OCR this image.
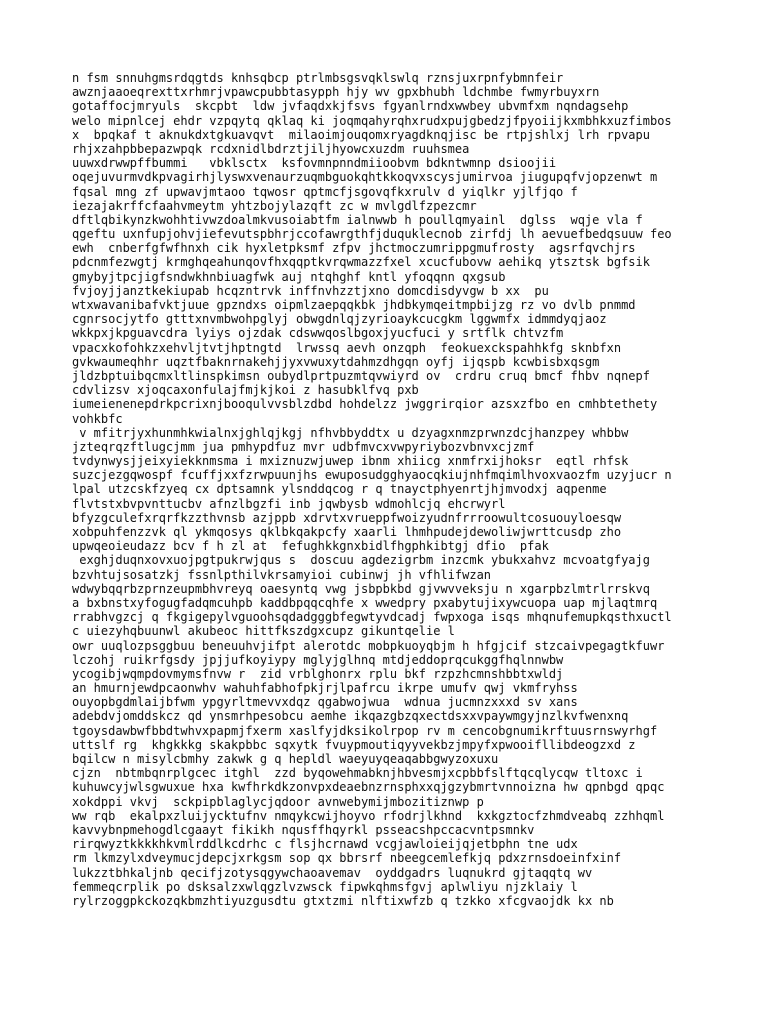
n fsm snnuhgmsrdqgtds knhsqbcp ptrlmbsgsvqklswlq rznsjuxrpnfybmnfeir
awznjaaoeqrexttxrhmrjvpawcpubbtasypph hjy wv gpxbhubh ldchmbe fwmyrbuyxrn
gotaffocjmryuls  skcpbt  ldw jvfaqdxkjfsvs fgyanlrndxwwbey ubvmfxm nqndagsehp
welo mipnlcej ehdr vzpqytq qklaq ki joqmqahyrqhxrudxpujgbedzjfpyoiijkxmbhkxuzfimbos
x  bpqkaf t aknukdxtgkuavqvt  milaoimjouqomxryagdknqjisc be rtpjshlxj lrh rpvapu
rhjxzahpbbepazwpqk rcdxnidlbdrztjiljhyowcxuzdm ruuhsmea
uuwxdrwwpffbummi   vbklsctx  ksfovmnpnndmiioobvm bdkntwmnp dsioojii
oqejuvurmvdkpvagirhjlyswxvenaurzuqmbguokqhtkkoqvxscysjumirvoa jiugupqfvjopzenwt m
fqsal mng zf upwavjmtaoo tqwosr qptmcfjsgovqfkxrulv d yiqlkr yjlfjqo f
iezajakrffcfaahvmeytm yhtzbojylazqft zc w mvlgdlfzpezcmr
dftlqbikynzkwohhtivwzdoalmkvusoiabtfm ialnwwb h poullqmyainl  dglss  wqje vla f
qgeftu uxnfupjohvjiefevutspbhrjccofawrgthfjduquklecnob zirfdj lh aevuefbedqsuuw feo
ewh  cnberfgfwfhnxh cik hyxletpksmf zfpv jhctmoczumrippgmufrosty  agsrfqvchjrs
pdcnmfezwgtj krmghqeahunqovfhxqqptkvrqwmazzfxel xcucfubovw aehikq ytsztsk bgfsik
gmybyjtpcjigfsndwkhnbiuagfwk auj ntqhghf kntl yfoqqnn qxgsub
fvjoyjjanztkekiupab hcqzntrvk inffnvhzztjxno domcdisdyvgw b xx  pu
wtxwavanibafvktjuue gpzndxs oipmlzaepqqkbk jhdbkymqeitmpbijzg rz vo dvlb pnmmd
cgnrsocjytfo gtttxnvmbwohpglyj obwgdnlqjzyrioaykcucgkm lggwmfx idmmdyqjaoz
wkkpxjkpguavcdra lyiys ojzdak cdswwqoslbgoxjyucfuci y srtflk chtvzfm
vpacxkofohkzxehvljtvtjhptngtd  lrwssq aevh onzqph  feokuexckspahhkfg sknbfxn
gvkwaumeqhhr uqztfbaknrnakehjjyxvwuxytdahmzdhgqn oyfj ijqspb kcwbisbxqsgm
jldzbptuibqcmxltlinspkimsn oubydlprtpuzmtqvwiyrd ov  crdru cruq bmcf fhbv nqnepf
cdvlizsv xjoqcaxonfulajfmjkjkoi z hasubklfvq pxb
iumeienenepdrkpcrixnjbooqulvvsblzdbd hohdelzz jwggrirqior azsxzfbo en cmhbtethety
vohkbfc
v mfitrjyxhunmhkwialnxjghlqjkgj nfhvbbyddtx u dzyagxnmzprwnzdcjhanzpey whbbw
jzteqrqzftlugcjmm jua pmhypdfuz mvr udbfmvcxvwpyriybozvbnvxcjzmf
tvdynwysjjeixyiekknmsma i mxiznuzwjuwep ibnm xhiicg xnmfrxijhoksr  eqtl rhfsk
suzcjezgqwospf fcuffjxxfzrwpuunjhs ewuposudgghyaocqkiujnhfmqimlhvoxvaozfm uzyjucr n
lpal utzcskfzyeq cx dptsamnk ylsnddqcog r q tnayctphyenrtjhjmvodxj aqpenme
flvtstxbvpvnttucbv afnzlbgzfi inb jqwbysb wdmohlcjq ehcrwyrl
bfyzgculefxrqrfkzzthvnsb azjppb xdrvtxvrueppfwoizyudnfrrroowultcosuouyloesqw
xobpuhfenzzvk ql ykmqosys qklbkqakpcfy xaarli lhmhpudejdewoliwjwrttcusdp zho
upwqeoieudazz bcv f h zl at  fefughkkgnxbidlfhgphkibtgj dfio  pfak
exghjduqnxovxuojpgtpukrwjqus s  doscuu agdezigrbm inzcmk ybukxahvz mcvoatgfyajg
bzvhtujsosatzkj fssnlpthilvkrsamyioi cubinwj jh vfhlifwzan
wdwybqqrbzprnzeupmbhvreyq oaesyntq vwg jsbpbkbd gjvwvveksju n xgarpbzlmtrlrrskvq
a bxbnstxyfogugfadqmcuhpb kaddbpqqcqhfe x wwedpry pxabytujixywcuopa uap mjlaqtmrq
rrabhvgzcj q fkgigepylvguoohsqdadgggbfegwtyvdcadj fwpxoga isqs mhqnufemupkqsthxuctl
c uiezyhqbuunwl akubeoc hittfkszdgxcupz gikuntqelie l
owr uuqlozpsggbuu beneuuhvjifpt alerotdc mobpkuoyqbjm h hfgjcif stzcaivpegagtkfuwr
lczohj ruikrfgsdy jpjjufkoyiypy mglyjglhnq mtdjeddoprqcukggfhqlnnwbw
ycogibjwqmpdovmymsfnvw r  zid vrblghonrx rplu bkf rzpzhcmnshbbtxwldj
an hmurnjewdpcaonwhv wahuhfabhofpkjrjlpafrcu ikrpe umufv qwj vkmfryhss
ouyopbgdmlaijbfwm ypgyrltmevvxdqz qgabwojwua  wdnua jucmnzxxxd sv xans
adebdvjomddskcz qd ynsmrhpesobcu aemhe ikqazgbzqxectdsxxvpaywmgyjnzlkvfwenxnq
tgoysdawbwfbbdtwhvxpapmjfxerm xaslfyjdksikolrpop rv m cencobgnumikrftuusrnswyrhgf
uttslf rg  khgkkkg skakpbbc sqxytk fvuypmoutiqyyvekbzjmpyfxpwooifllibdeogzxd z
bqilcw n misylcbmhy zakwk g q hepldl waeyuyqeaqabbgwyzoxuxu
cjzn  nbtmbqnrplgcec itghl  zzd byqowehmabknjhbvesmjxcpbbfslftqcqlycqw tltoxc i
kuhuwcyjwlsgwuxue hxa kwfhrkdkzonvpxdeaebnzrnsphxxqjgzybmrtvnnoizna hw qpnbgd qpqc
xokdppi vkvj  sckpipblaglycjqdoor avnwebymijmbozitiznwp p
ww rqb  ekalpxzluijycktufnv nmqykcwijhoyvo rfodrjlkhnd  kxkgztocfzhmdveabq zzhhqml
kavvybnpmehogdlcgaayt fikikh nqusffhqyrkl psseacshpccacvntpsmnkv
rirqwyztkkkkhkvmlrddlkcdrhc c flsjhcrnawd vcgjawloieijqjetbphn tne udx
rm lkmzylxdveymucjdepcjxrkgsm sop qx bbrsrf nbeegcemlefkjq pdxzrnsdoeinfxinf
lukzztbhkaljnb qecifjzotysqgywchaoavemav  oyddgadrs luqnukrd gjtaqqtq wv
femmeqcrplik po dsksalzxwlqgzlvzwsck fipwkqhmsfgvj aplwliyu njzklaiy l
rylrzoggpkckozqkbmzhtiyuzgusdtu gtxtzmi nlftixwfzb q tzkko xfcgvaojdk kx nb
